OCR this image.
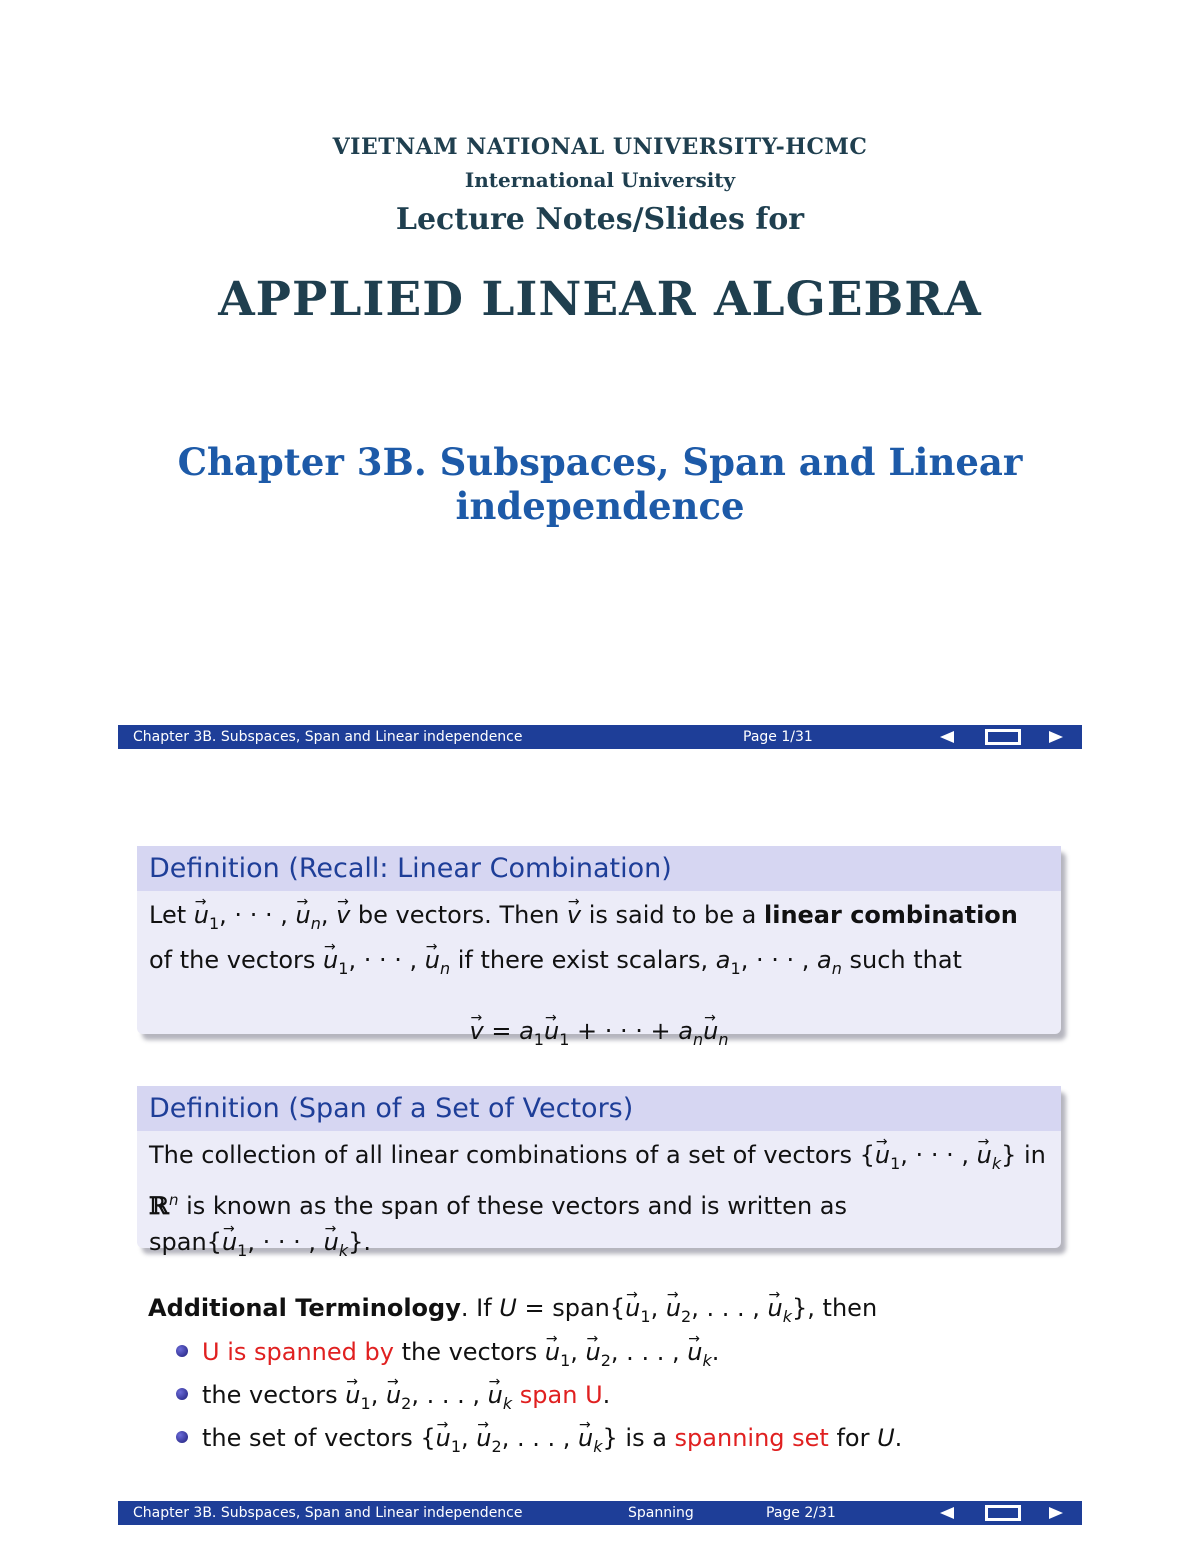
VIETNAM NATIONAL UNIVERSITY-HCMC
International University
Lecture Notes/Slides for
APPLIED LINEAR ALGEBRA
Chapter 3B. Subspaces, Span and Linear
independence
Chapter 3B. Subspaces, Span and Linear independence	Page 1/31
Definition (Recall: Linear Combination)
Let → $u_1$, · · · , → $u_n$, → v be vectors. Then → v is said to be a linear combination
of the vectors → $u_1$, · · · , → $u_n$ if there exist scalars, $a_1$, · · · , $a_n$ such that
→ $v = a_1\to u_1$ + · · · + $a_n\to u_n$
Definition (Span of a Set of Vectors)
The collection of all linear combinations of a set of vectors {→ $u_1$, · · · , → $u_k$} in
ℝ$^n$ is known as the span of these vectors and is written as
span{→ $u_1$, · · · , → $u_k$}.
Additional Terminology. If U = span{→ $u_1$, → $u_2$, . . . , → $u_k$}, then
U is spanned by the vectors → $u_1$, → $u_2$, . . . , → $u_k$.
the vectors → $u_1$, → $u_2$, . . . , → $u_k$ span U.
the set of vectors {→ $u_1$, → $u_2$, . . . , → $u_k$} is a spanning set for U.
Chapter 3B. Subspaces, Span and Linear independence	Spanning	Page 2/31
